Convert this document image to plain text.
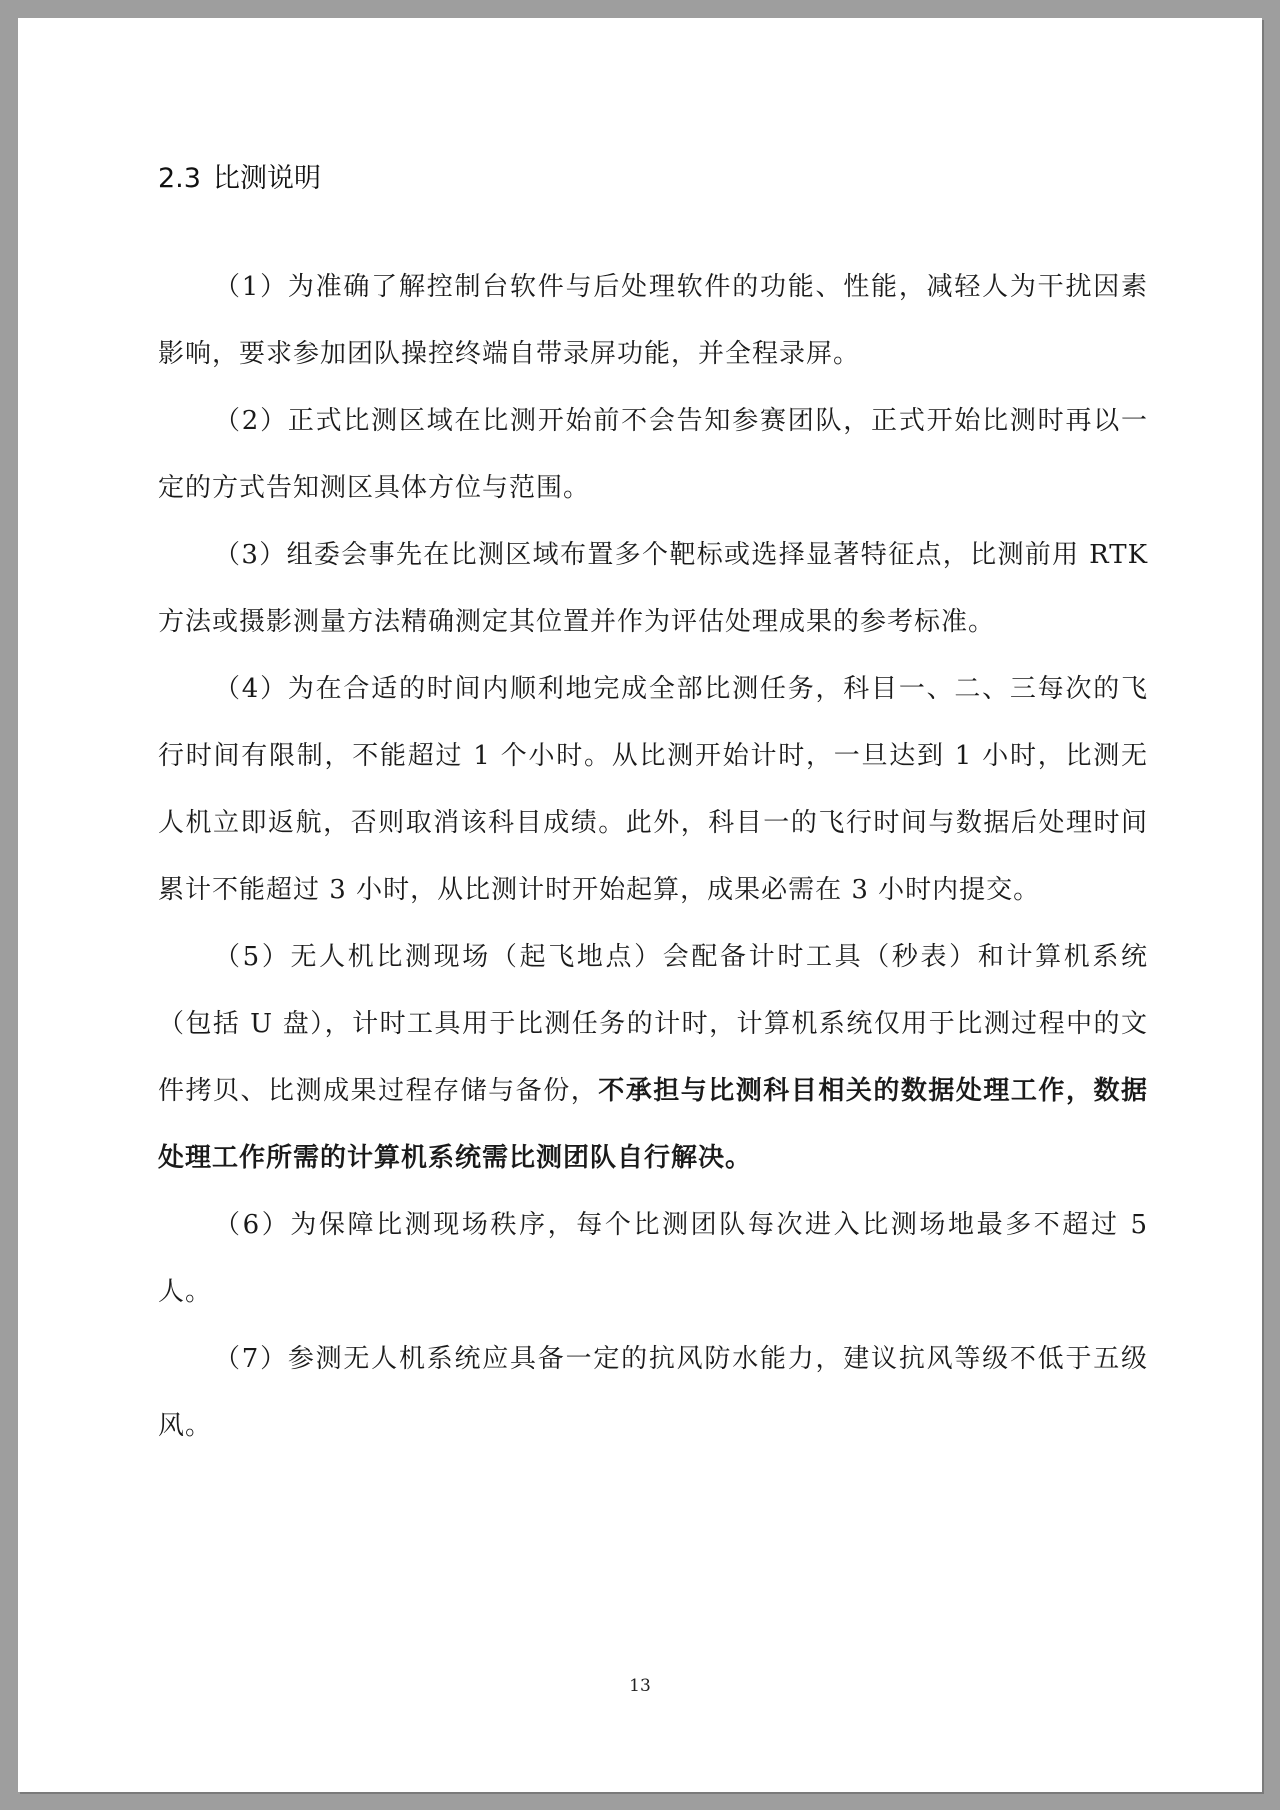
2.3 比测说明

（1）为准确了解控制台软件与后处理软件的功能、性能，减轻人为干扰因素影响，要求参加团队操控终端自带录屏功能，并全程录屏。

（2）正式比测区域在比测开始前不会告知参赛团队，正式开始比测时再以一定的方式告知测区具体方位与范围。

（3）组委会事先在比测区域布置多个靶标或选择显著特征点，比测前用 RTK 方法或摄影测量方法精确测定其位置并作为评估处理成果的参考标准。

（4）为在合适的时间内顺利地完成全部比测任务，科目一、二、三每次的飞行时间有限制，不能超过 1 个小时。从比测开始计时，一旦达到 1 小时，比测无人机立即返航，否则取消该科目成绩。此外，科目一的飞行时间与数据后处理时间累计不能超过 3 小时，从比测计时开始起算，成果必需在 3 小时内提交。

（5）无人机比测现场（起飞地点）会配备计时工具（秒表）和计算机系统（包括 U 盘），计时工具用于比测任务的计时，计算机系统仅用于比测过程中的文件拷贝、比测成果过程存储与备份，不承担与比测科目相关的数据处理工作，数据处理工作所需的计算机系统需比测团队自行解决。

（6）为保障比测现场秩序，每个比测团队每次进入比测场地最多不超过 5 人。

（7）参测无人机系统应具备一定的抗风防水能力，建议抗风等级不低于五级风。

13
